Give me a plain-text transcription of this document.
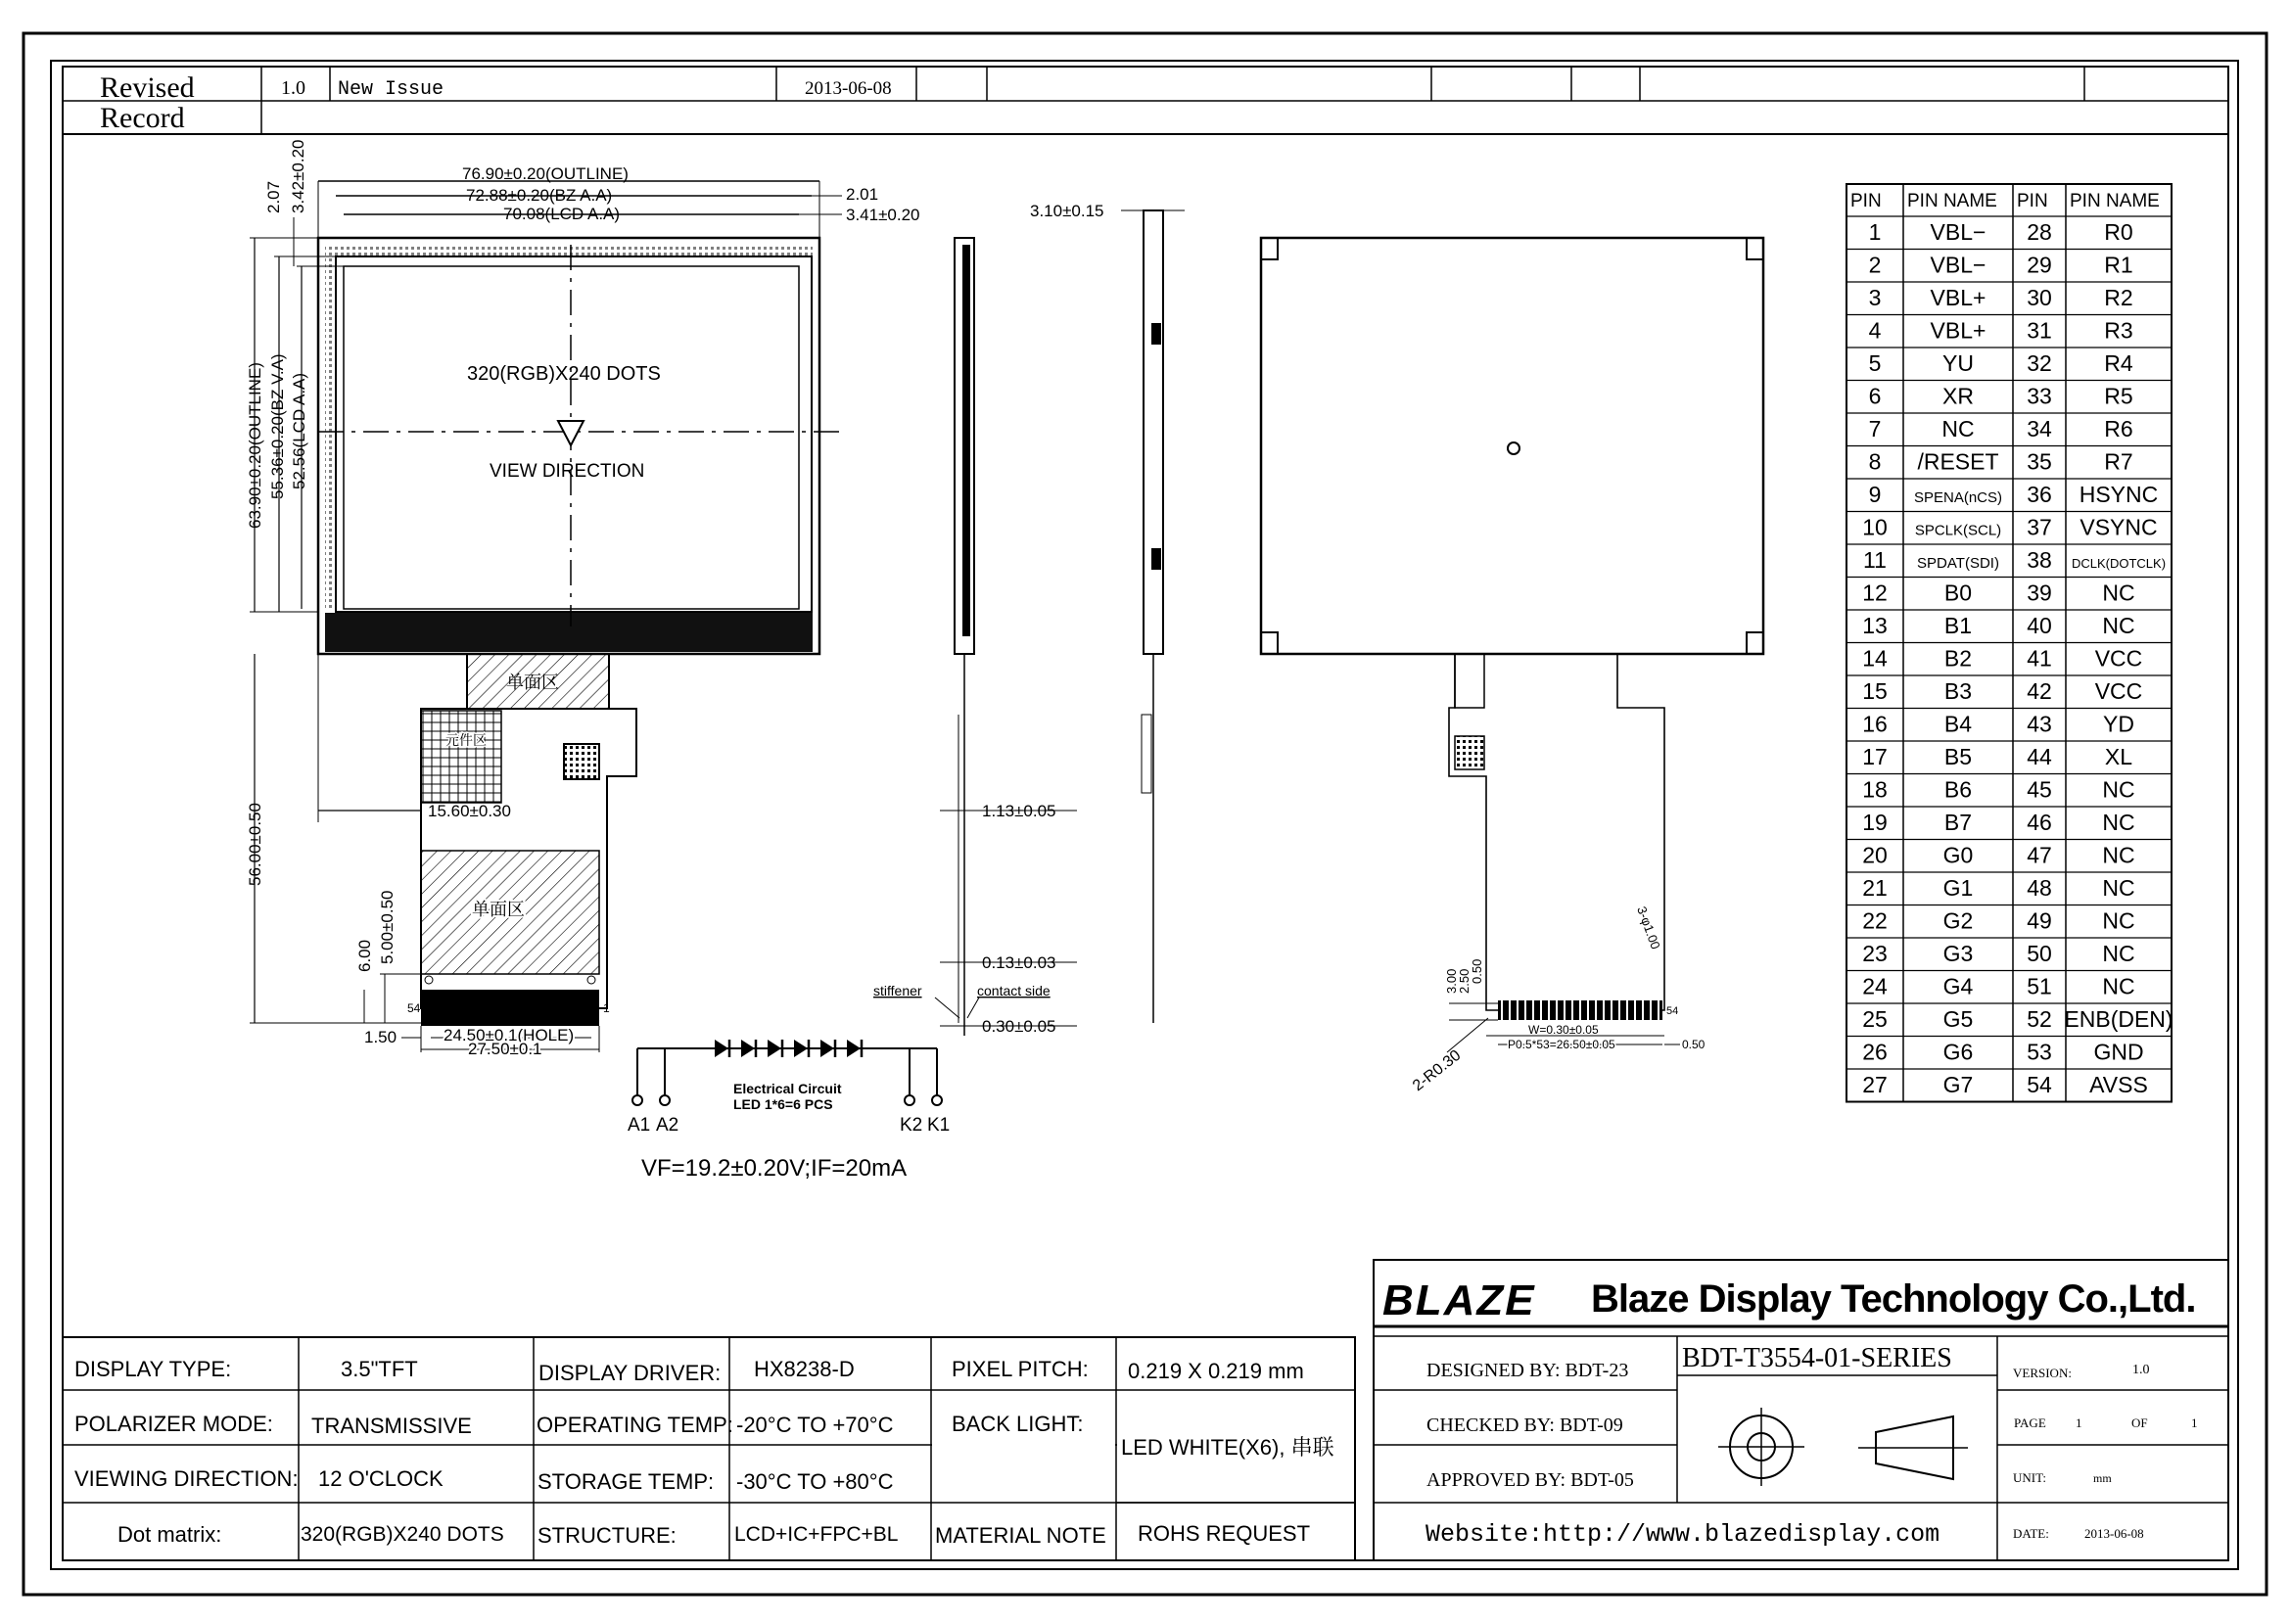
Revised
Record
1.0 New Issue	2013-06-08
320(RGB)X240 DOTS
VIEW DIRECTION
单面区
元件区
单面区
54	1
76.90±0.20(OUTLINE)
72.88±0.20(BZ A.A)
70.08(LCD A.A)
2.01
3.41±0.20
63.90±0.20(OUTLINE) 55.36±0.20(BZ V.A) 52.56(LCD A.A)
2.07 3.42±0.20
56.00±0.50	15.60±0.30
6.00 5.00±0.50
1.50	24.50±0.1(HOLE)
27.50±0.1
1.13±0.05
0.13±0.03
0.30±0.05
stiffener	contact side
3.10±0.15
Electrical Circuit
LED 1*6=6 PCS
A1 A2	K2 K1
VF=19.2±0.20V;IF=20mA
54
3.00
2.50
0.50
3-φ1.00
W=0.30±0.05
P0.5*53=26.50±0.05	0.50
2-R0.30
PIN PIN NAME PIN PIN NAME
1 VBL− 28 R0
2 VBL− 29 R1
3 VBL+ 30 R2
4 VBL+ 31 R3
5	YU 32 R4
6	XR 33 R5
7	NC 34 R6
8 /RESET 35 R7
9 SPENA(nCS) 36 HSYNC
10 SPCLK(SCL) 37 VSYNC
11 SPDAT(SDI) 38 DCLK(DOTCLK)
12	B0 39 NC
13	B1 40 NC
14	B2 41 VCC
15	B3 42 VCC
16	B4 43 YD
17	B5 44 XL
18	B6 45 NC
19	B7 46 NC
20 G0 47 NC
21 G1 48 NC
22 G2 49 NC
23 G3 50 NC
24 G4 51 NC
25 G5 52 ENB(DEN)
26 G6 53 GND
27 G7 54 AVSS
DISPLAY TYPE:	3.5"TFT	DISPLAY DRIVER: HX8238-D	PIXEL PITCH: 0.219 X 0.219 mm
POLARIZER MODE: TRANSMISSIVE	OPERATING TEMP: -20°C TO +70°C	BACK LIGHT:
LED WHITE(X6), 串联
VIEWING DIRECTION: 12 O'CLOCK	STORAGE TEMP: -30°C TO +80°C
Dot matrix:	320(RGB)X240 DOTS STRUCTURE:	LCD+IC+FPC+BL MATERIAL NOTE ROHS REQUEST
BLAZE Blaze Display Technology Co.,Ltd.
DESIGNED BY: BDT-23
CHECKED BY: BDT-09
APPROVED BY: BDT-05
Website:http://www.blazedisplay.com
BDT-T3554-01-SERIES	VERSION:	1.0
PAGE 1	OF	1
UNIT:	mm
DATE:	2013-06-08
